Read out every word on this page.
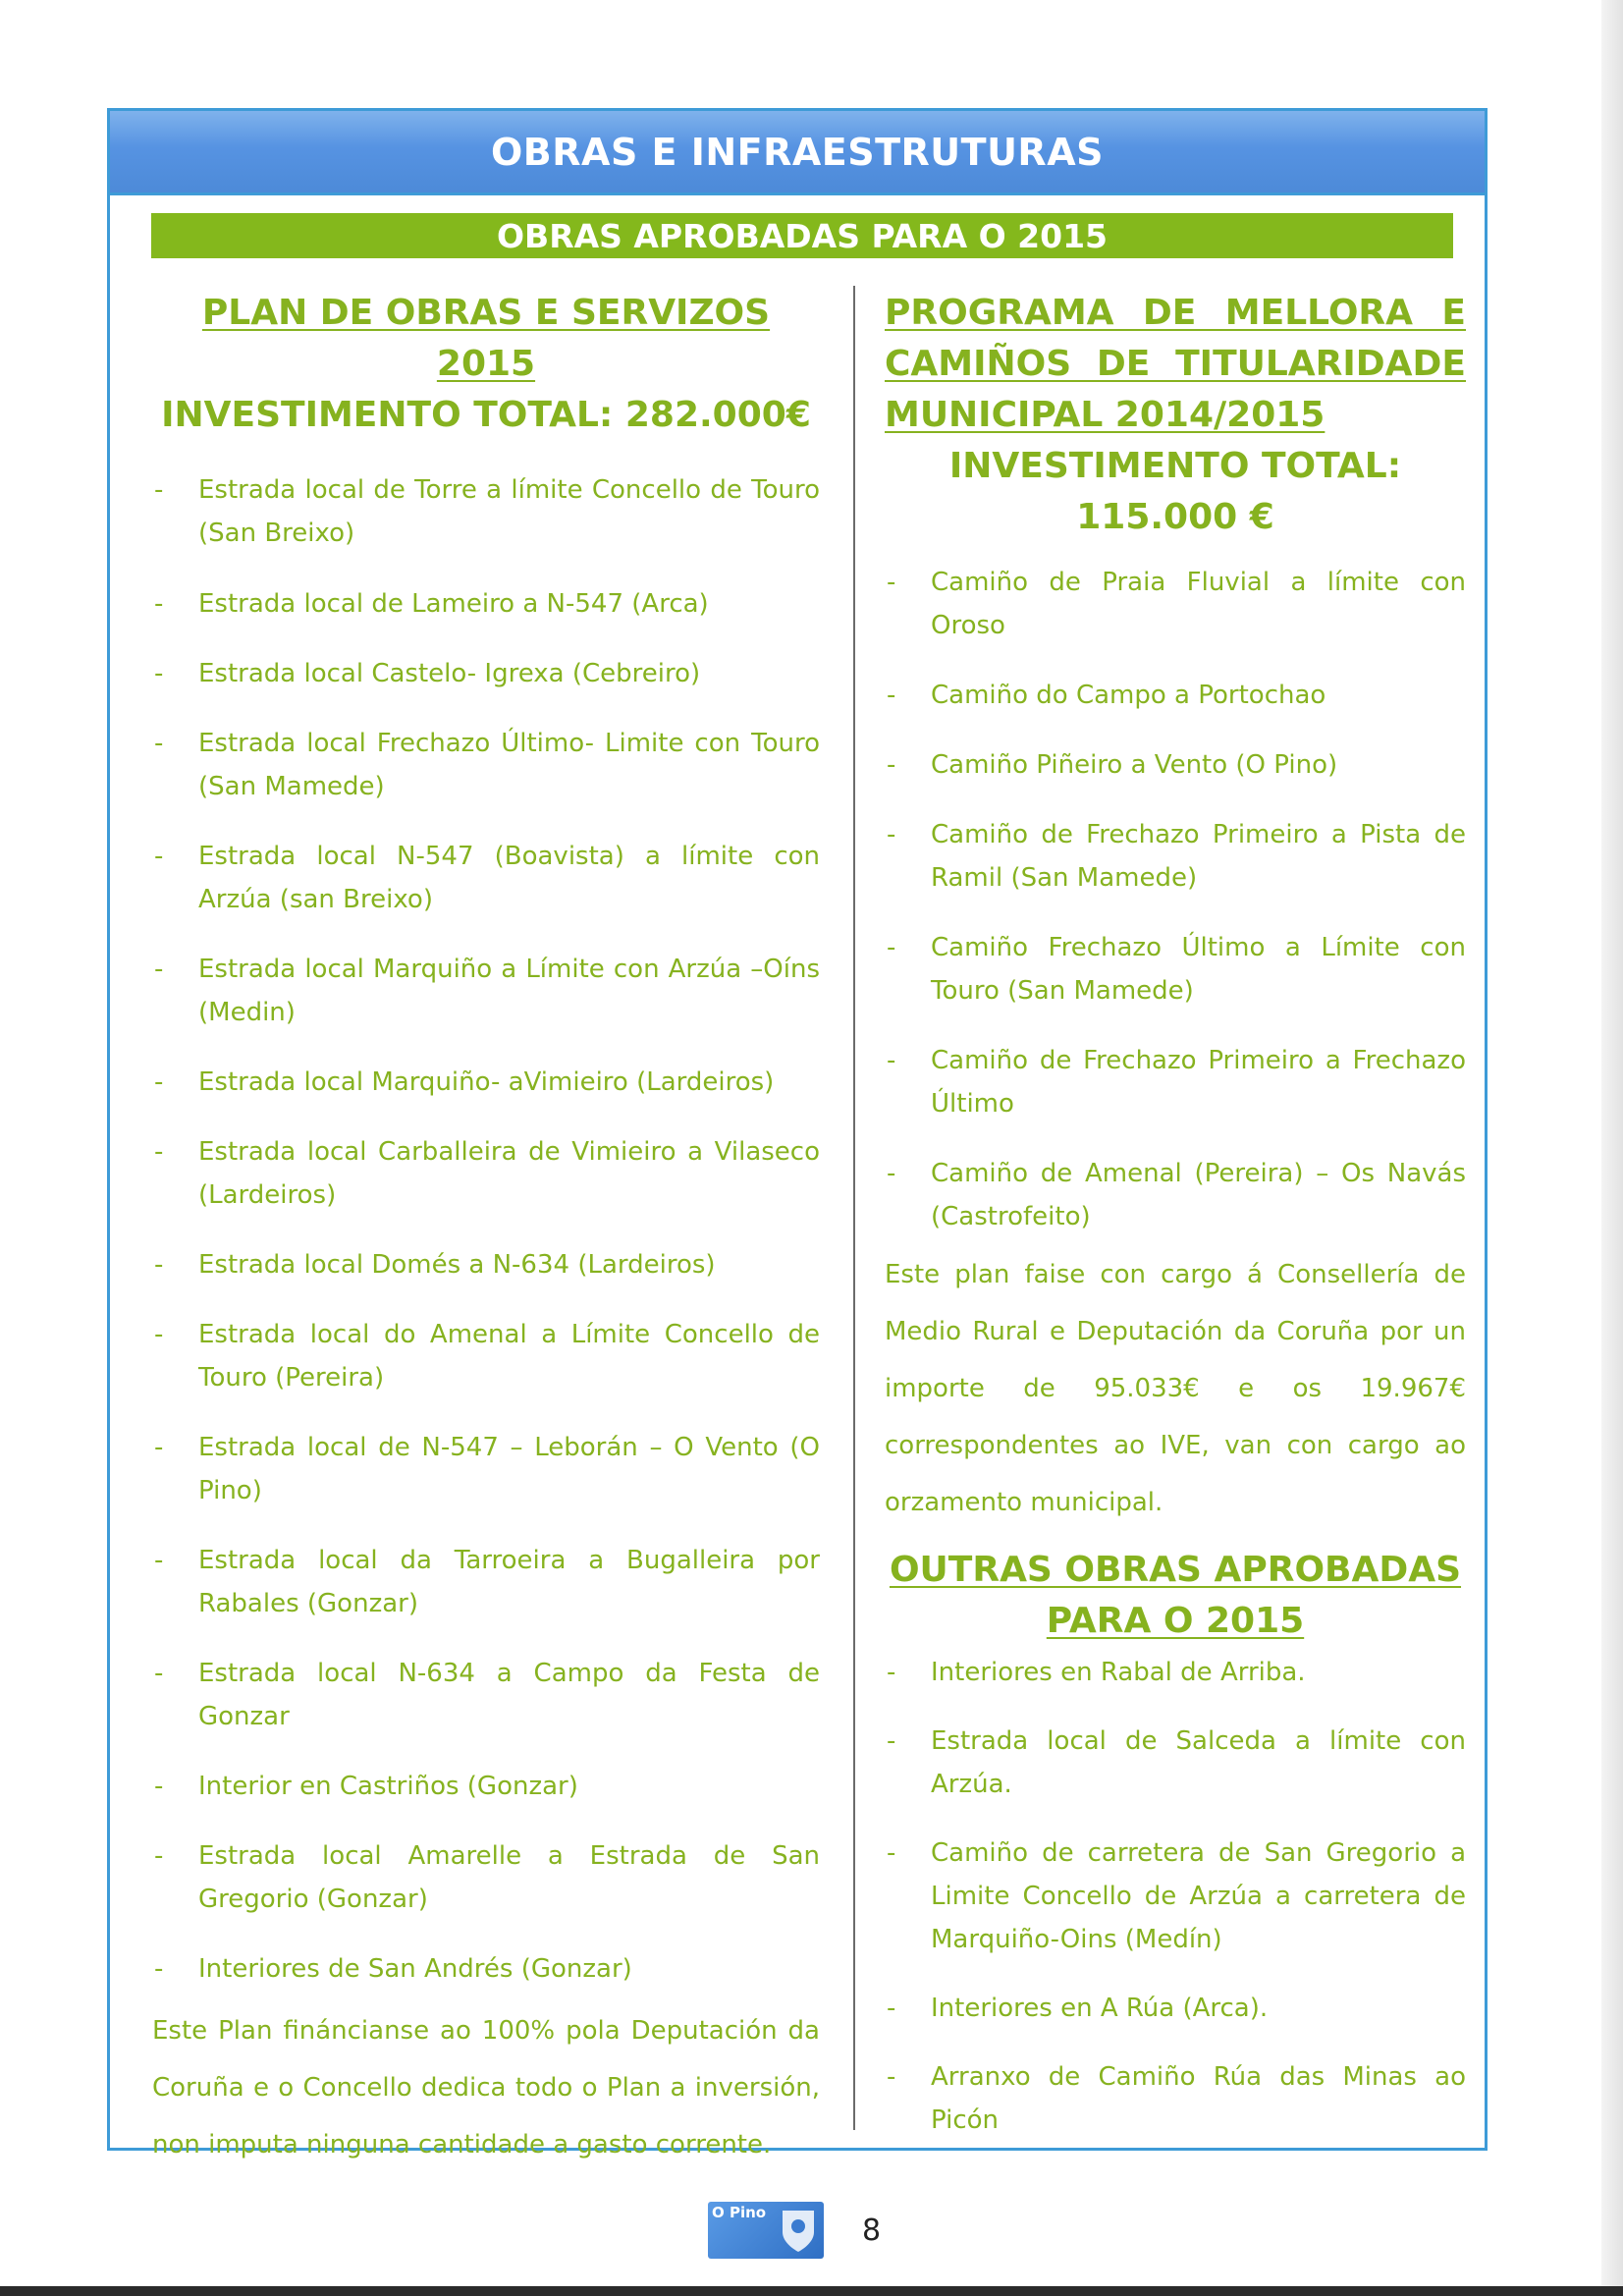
OBRAS E INFRAESTRUTURAS
OBRAS APROBADAS PARA O 2015
PLAN DE OBRAS E SERVIZOS 2015
INVESTIMENTO TOTAL: 282.000€
- Estrada local de Torre a límite Concello de Touro (San Breixo)
- Estrada local de Lameiro a N-547 (Arca)
- Estrada local Castelo- Igrexa (Cebreiro)
- Estrada local Frechazo Último- Limite con Touro (San Mamede)
- Estrada local N-547 (Boavista) a límite con Arzúa (san Breixo)
- Estrada local Marquiño a Límite con Arzúa –Oíns (Medin)
- Estrada local Marquiño- aVimieiro (Lardeiros)
- Estrada local Carballeira de Vimieiro a Vilaseco (Lardeiros)
- Estrada local Domés a N-634 (Lardeiros)
- Estrada local do Amenal a Límite Concello de Touro (Pereira)
- Estrada local de N-547 – Leborán – O Vento (O Pino)
- Estrada local da Tarroeira a Bugalleira por Rabales (Gonzar)
- Estrada local N-634 a Campo da Festa de Gonzar
- Interior en Castriños (Gonzar)
- Estrada local Amarelle a Estrada de San Gregorio (Gonzar)
- Interiores de San Andrés (Gonzar)
Este Plan fináncianse ao 100% pola Deputación da Coruña e o Concello dedica todo o Plan a inversión, non imputa ninguna cantidade a gasto corrente.
PROGRAMA DE MELLORA E
CAMIÑOS DE TITULARIDADE
MUNICIPAL 2014/2015
INVESTIMENTO TOTAL:
115.000 €
- Camiño de Praia Fluvial a límite con Oroso
- Camiño do Campo a Portochao
- Camiño Piñeiro a Vento (O Pino)
- Camiño de Frechazo Primeiro a Pista de Ramil (San Mamede)
- Camiño Frechazo Último a Límite con Touro (San Mamede)
- Camiño de Frechazo Primeiro a Frechazo Último
- Camiño de Amenal (Pereira) – Os Navás (Castrofeito)
Este plan faise con cargo á Consellería de Medio Rural e Deputación da Coruña por un importe de 95.033€ e os 19.967€ correspondentes ao IVE, van con cargo ao orzamento municipal.
OUTRAS OBRAS APROBADAS
PARA O 2015
- Interiores en Rabal de Arriba.
- Estrada local de Salceda a límite con Arzúa.
- Camiño de carretera de San Gregorio a Limite Concello de Arzúa a carretera de Marquiño-Oins (Medín)
- Interiores en A Rúa (Arca).
- Arranxo de Camiño Rúa das Minas ao Picón
O Pino
8
